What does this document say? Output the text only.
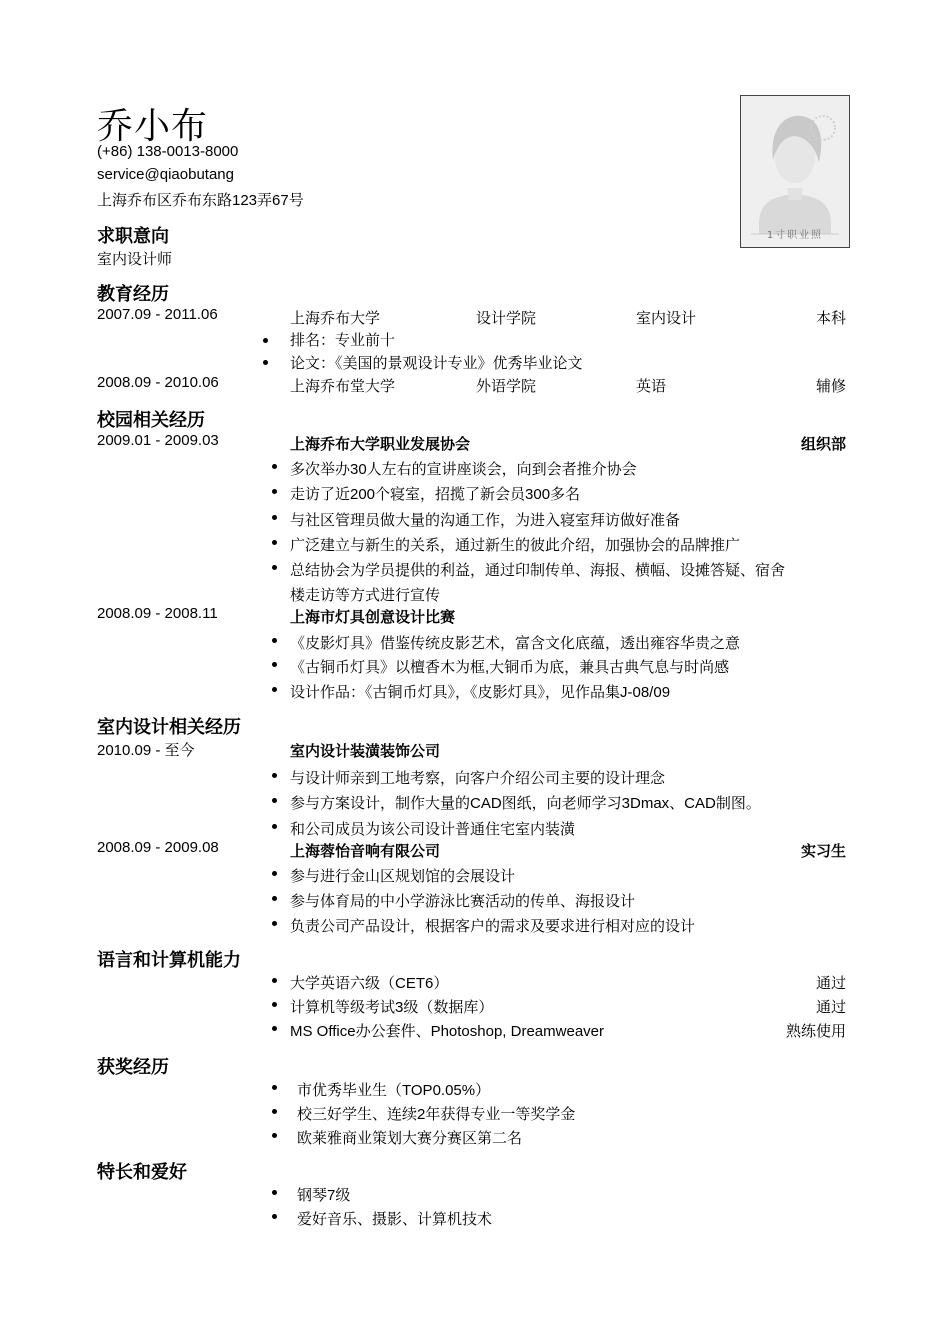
乔小布
(+86) 138-0013-8000
service@qiaobutang
上海乔布区乔布东路123弄67号
1寸职业照
求职意向
室内设计师
教育经历
2007.09 - 2011.06	上海乔布大学	设计学院	室内设计	本科
排名：专业前十
论文：《美国的景观设计专业》优秀毕业论文
2008.09 - 2010.06	上海乔布堂大学	外语学院	英语	辅修
校园相关经历
2009.01 - 2009.03	上海乔布大学职业发展协会	组织部
多次举办30人左右的宣讲座谈会，向到会者推介协会
走访了近200个寝室，招揽了新会员300多名
与社区管理员做大量的沟通工作，为进入寝室拜访做好准备
广泛建立与新生的关系，通过新生的彼此介绍，加强协会的品牌推广
总结协会为学员提供的利益，通过印制传单、海报、横幅、设摊答疑、宿舍
楼走访等方式进行宣传
2008.09 - 2008.11	上海市灯具创意设计比赛
《皮影灯具》借鉴传统皮影艺术，富含文化底蕴，透出雍容华贵之意
《古铜币灯具》以檀香木为框,大铜币为底，兼具古典气息与时尚感
设计作品：《古铜币灯具》，《皮影灯具》，见作品集J-08/09
室内设计相关经历
2010.09 - 至今	室内设计装潢装饰公司
与设计师亲到工地考察，向客户介绍公司主要的设计理念
参与方案设计，制作大量的CAD图纸，向老师学习3Dmax、CAD制图。
和公司成员为该公司设计普通住宅室内装潢
2008.09 - 2009.08	上海蓉怡音响有限公司	实习生
参与进行金山区规划馆的会展设计
参与体育局的中小学游泳比赛活动的传单、海报设计
负责公司产品设计，根据客户的需求及要求进行相对应的设计
语言和计算机能力
大学英语六级（CET6）	通过
计算机等级考试3级（数据库）	通过
MS Office办公套件、Photoshop, Dreamweaver	熟练使用
获奖经历
市优秀毕业生（TOP0.05%）
校三好学生、连续2年获得专业一等奖学金
欧莱雅商业策划大赛分赛区第二名
特长和爱好
钢琴7级
爱好音乐、摄影、计算机技术
